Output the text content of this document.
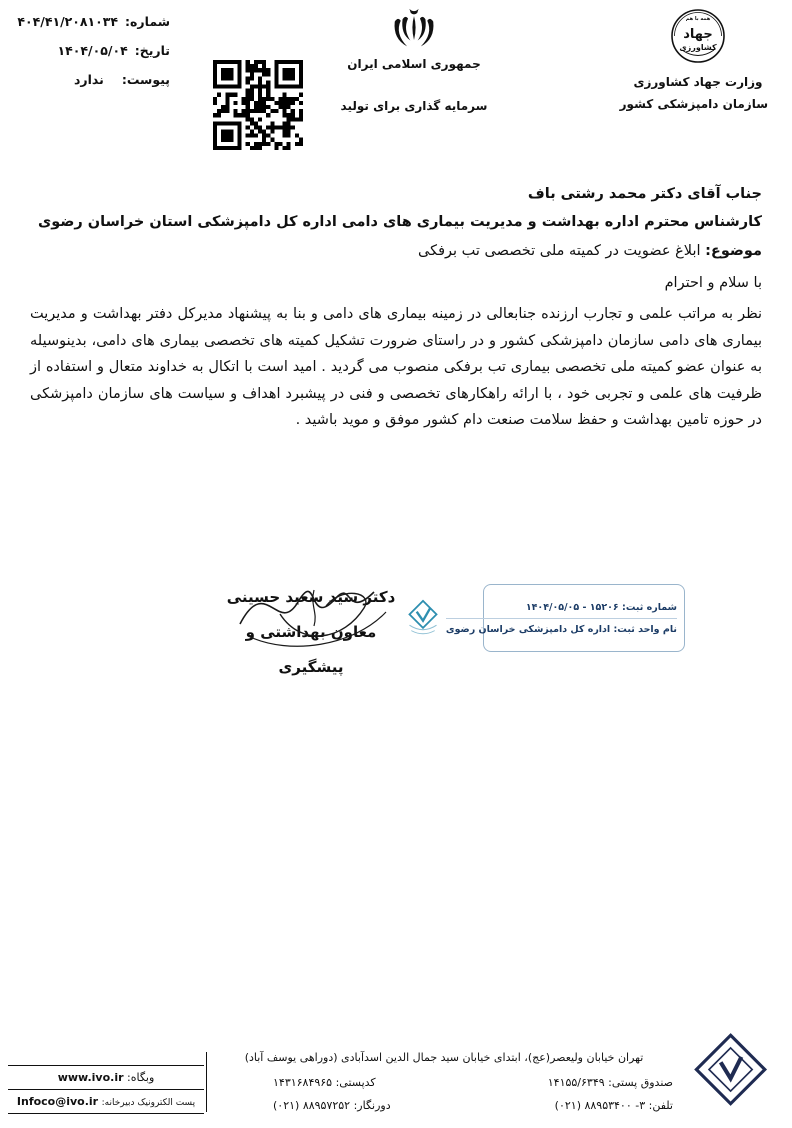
همه با هم
جهاد
کشاورزی
وزارت جهاد کشاورزی
سازمان دامپزشکی کشور
جمهوری اسلامی ایران
سرمایه گذاری برای تولید
شماره:
۴۰۴/۴۱/۲۰۸۱۰۳۴
تاریخ:
۱۴۰۴/۰۵/۰۴
پیوست:
ندارد
جناب آقای دکتر محمد رشتی باف
کارشناس محترم اداره بهداشت و مدیریت بیماری های دامی اداره کل دامپزشکی استان خراسان رضوی
موضوع: ابلاغ عضویت در کمیته ملی تخصصی تب برفکی
با سلام و احترام

نظر به مراتب علمی و تجارب ارزنده جنابعالی در زمینه بیماری های دامی و بنا به پیشنهاد مدیرکل دفتر بهداشت و مدیریت بیماری های دامی سازمان دامپزشکی کشور و در راستای ضرورت تشکیل کمیته های تخصصی بیماری های دامی، بدینوسیله به عنوان عضو کمیته ملی تخصصی بیماری تب برفکی منصوب می گردید . امید است با اتکال به خداوند متعال و استفاده از ظرفیت های علمی و تجربی خود ، با ارائه راهکارهای تخصصی و فنی در پیشبرد اهداف و سیاست های سازمان دامپزشکی در حوزه تامین بهداشت و حفظ سلامت صنعت دام کشور موفق و موید باشید .

دکتر سید سعید حسینی
معاون بهداشتی و پیشگیری
شماره ثبت: ۱۵۲۰۶ - ۱۴۰۴/۰۵/۰۵
نام واحد ثبت: اداره کل دامپزشکی خراسان رضوی
تهران خیابان ولیعصر(عج)، ابتدای خیابان سید جمال الدین اسدآبادی (دوراهی یوسف آباد)
صندوق پستی: ۱۴۱۵۵/۶۳۴۹
کدپستی: ۱۴۳۱۶۸۴۹۶۵
تلفن: ۳- ۸۸۹۵۳۴۰۰ (۰۲۱)
دورنگار: ۸۸۹۵۷۲۵۲ (۰۲۱)
وبگاه: www.ivo.ir
پست الکترونیک دبیرخانه: Infoco@ivo.ir
